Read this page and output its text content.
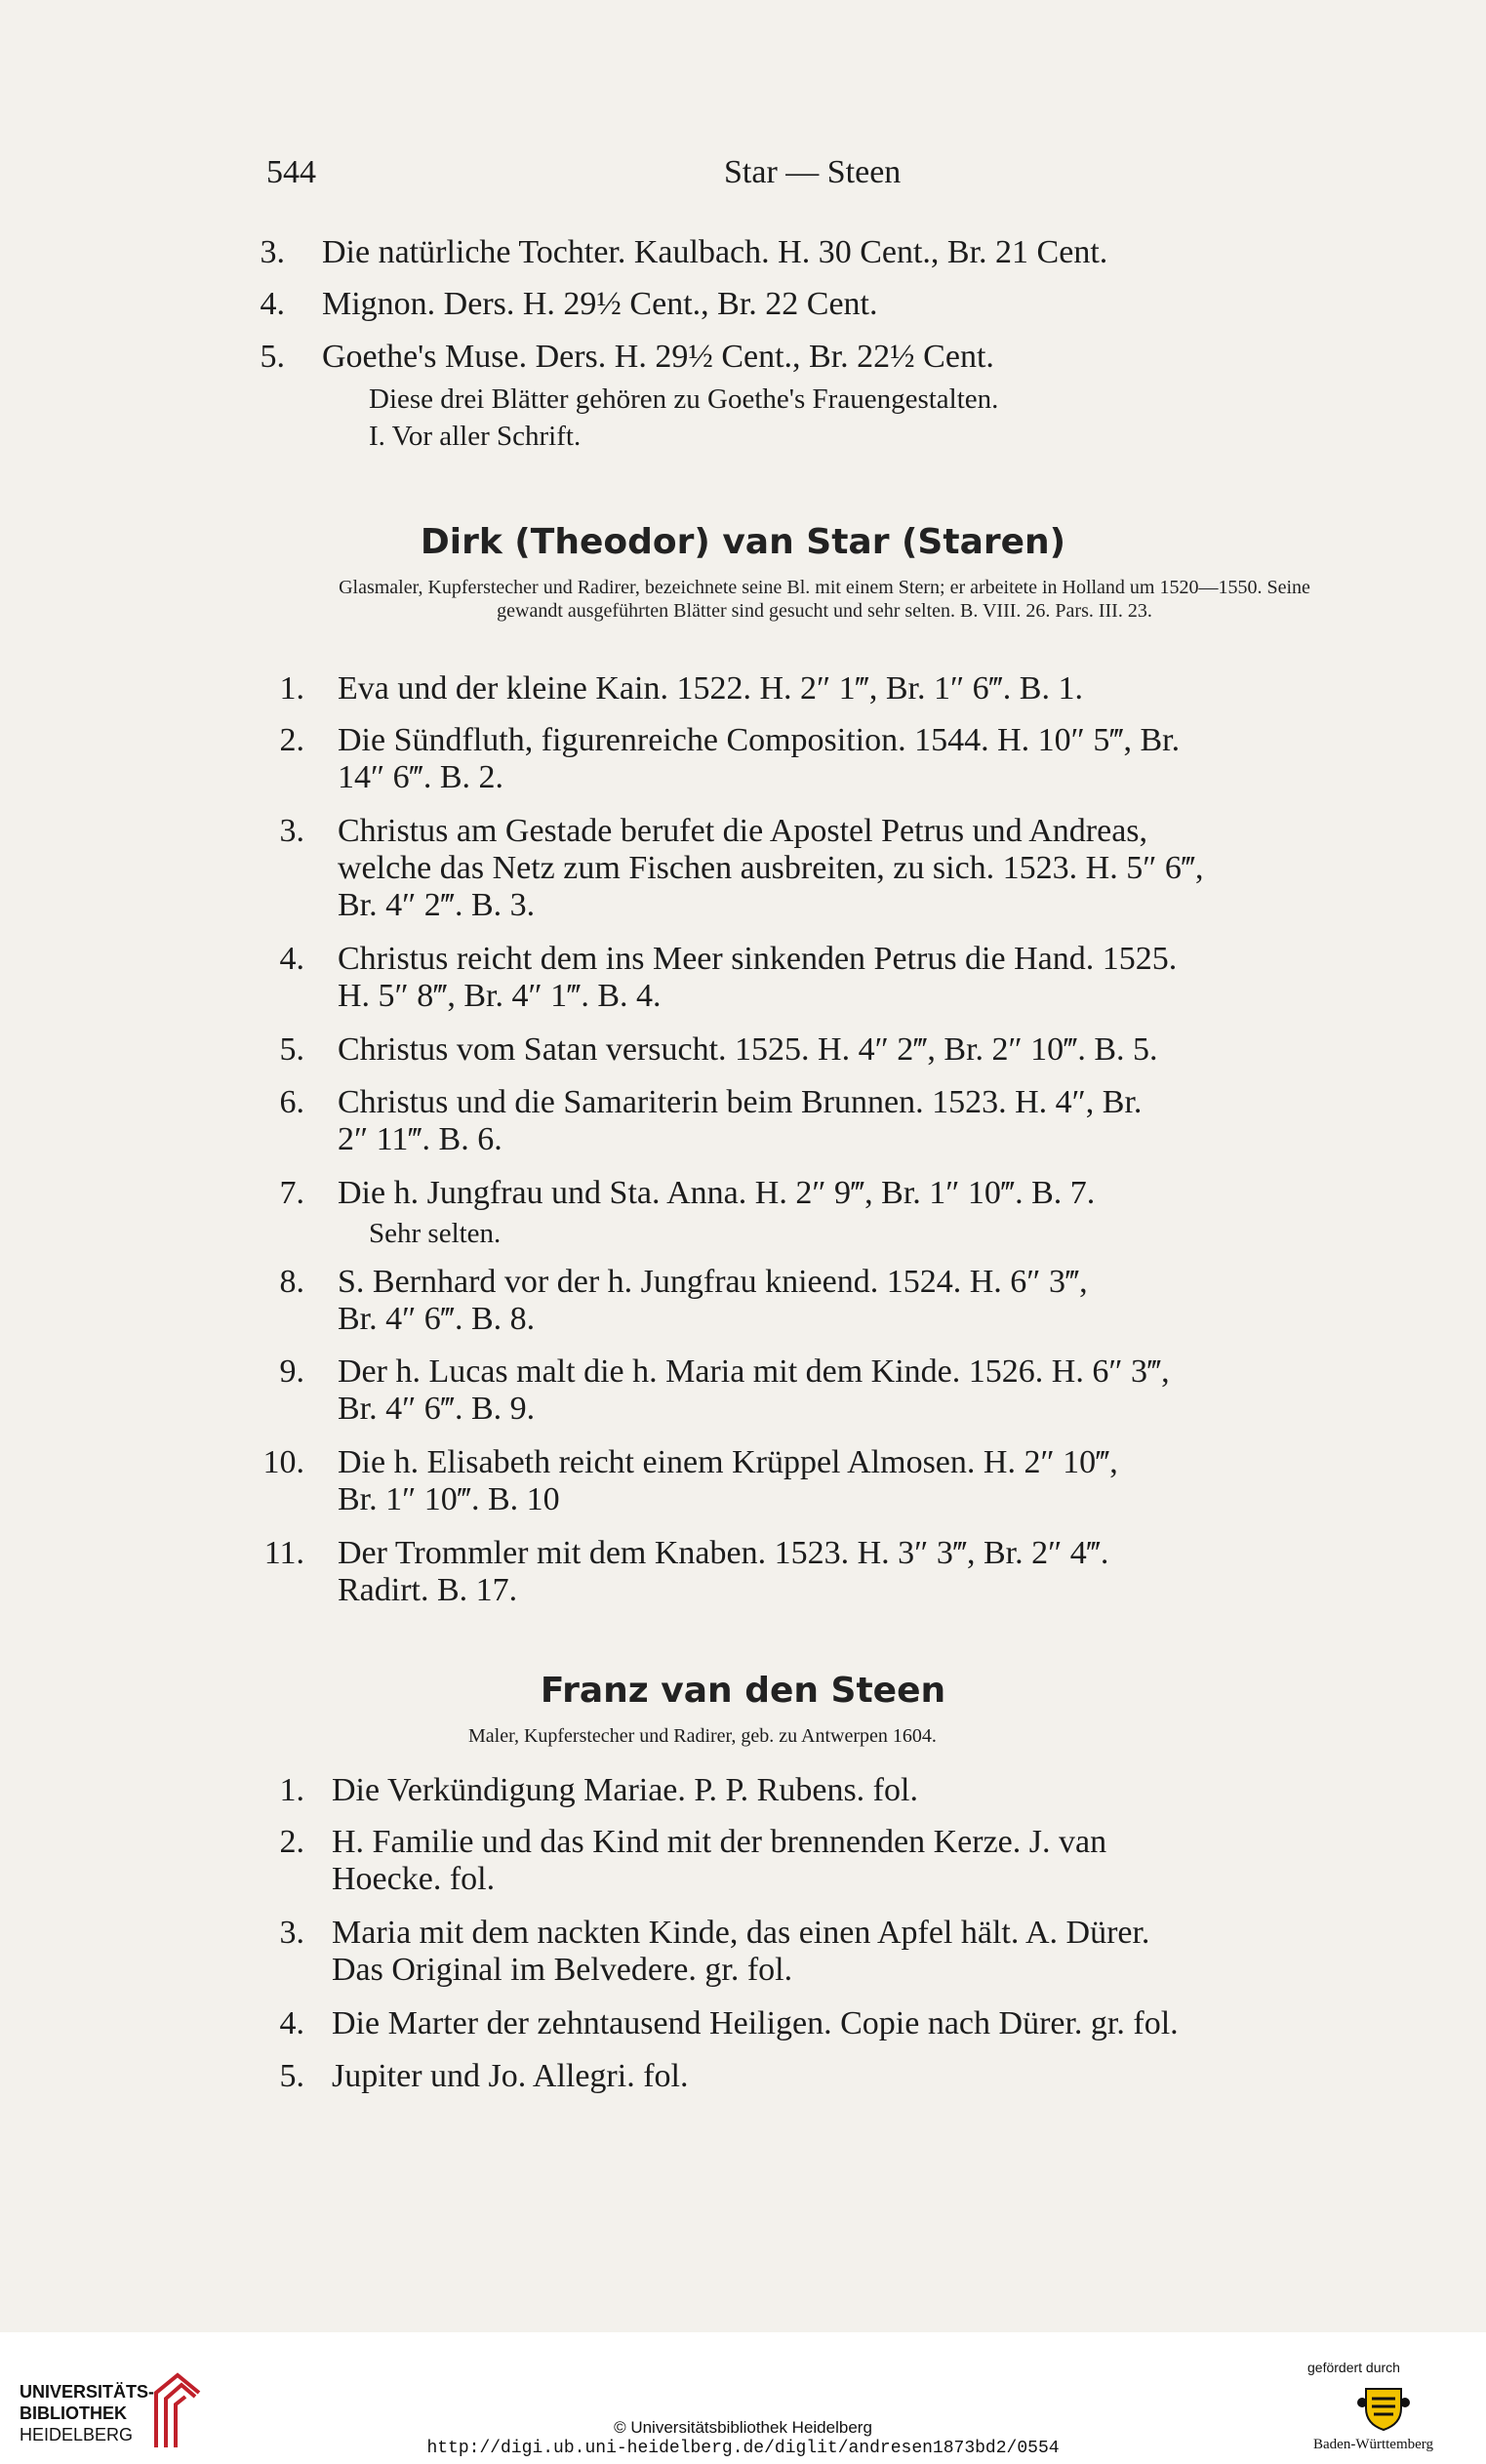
544	Star — Steen
3. Die natürliche Tochter. Kaulbach. H. 30 Cent., Br. 21 Cent.
4. Mignon. Ders. H. 29½ Cent., Br. 22 Cent.
5. Goethe's Muse. Ders. H. 29½ Cent., Br. 22½ Cent.
Diese drei Blätter gehören zu Goethe's Frauengestalten.
I. Vor aller Schrift.
Dirk (Theodor) van Star (Staren)
Glasmaler, Kupferstecher und Radirer, bezeichnete seine Bl. mit einem Stern; er arbeitete in Holland um 1520—1550. Seine gewandt ausgeführten Blätter sind gesucht und sehr selten. B. VIII. 26. Pars. III. 23.
1. Eva und der kleine Kain. 1522. H. 2″ 1‴, Br. 1″ 6‴. B. 1.
2. Die Sündfluth, figurenreiche Composition. 1544. H. 10″ 5‴, Br.
14″ 6‴. B. 2.
3. Christus am Gestade berufet die Apostel Petrus und Andreas,
welche das Netz zum Fischen ausbreiten, zu sich. 1523. H. 5″ 6‴,
Br. 4″ 2‴. B. 3.
4. Christus reicht dem ins Meer sinkenden Petrus die Hand. 1525.
H. 5″ 8‴, Br. 4″ 1‴. B. 4.
5. Christus vom Satan versucht. 1525. H. 4″ 2‴, Br. 2″ 10‴. B. 5.
6. Christus und die Samariterin beim Brunnen. 1523. H. 4″, Br.
2″ 11‴. B. 6.
7. Die h. Jungfrau und Sta. Anna. H. 2″ 9‴, Br. 1″ 10‴. B. 7.
Sehr selten.
8. S. Bernhard vor der h. Jungfrau knieend. 1524. H. 6″ 3‴,
Br. 4″ 6‴. B. 8.
9. Der h. Lucas malt die h. Maria mit dem Kinde. 1526. H. 6″ 3‴,
Br. 4″ 6‴. B. 9.
10. Die h. Elisabeth reicht einem Krüppel Almosen. H. 2″ 10‴,
Br. 1″ 10‴. B. 10
11. Der Trommler mit dem Knaben. 1523. H. 3″ 3‴, Br. 2″ 4‴.
Radirt. B. 17.
Franz van den Steen
Maler, Kupferstecher und Radirer, geb. zu Antwerpen 1604.
1. Die Verkündigung Mariae. P. P. Rubens. fol.
2. H. Familie und das Kind mit der brennenden Kerze. J. van
Hoecke. fol.
3. Maria mit dem nackten Kinde, das einen Apfel hält. A. Dürer.
Das Original im Belvedere. gr. fol.
4. Die Marter der zehntausend Heiligen. Copie nach Dürer. gr. fol.
5. Jupiter und Jo. Allegri. fol.
UNIVERSITÄTS-
BIBLIOTHEK
HEIDELBERG	© Universitätsbibliothek Heidelberg
http://digi.ub.uni-heidelberg.de/diglit/andresen1873bd2/0554
gefördert durch
Baden-Württemberg
